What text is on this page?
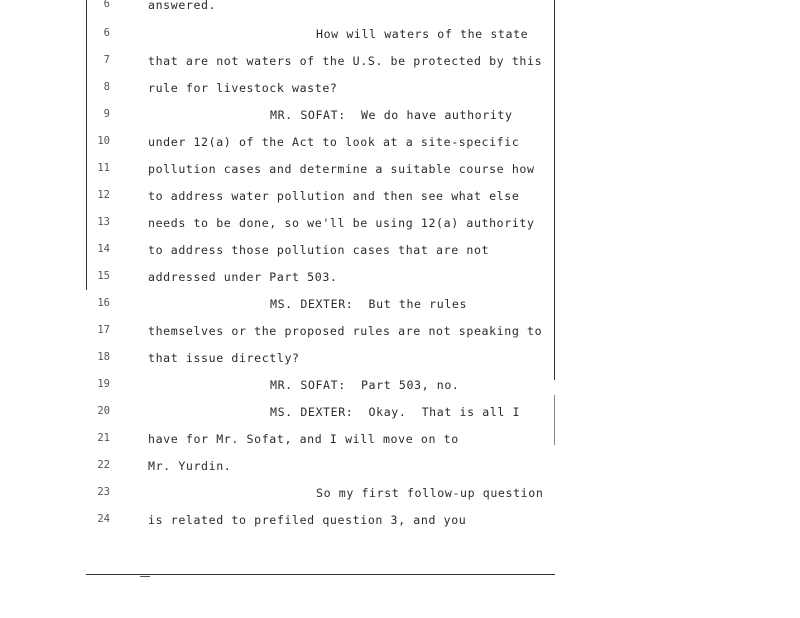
6	answered.
6	How will waters of the state
7	that are not waters of the U.S. be protected by this
8	rule for livestock waste?
9	MR. SOFAT:  We do have authority
10	under 12(a) of the Act to look at a site-specific
11	pollution cases and determine a suitable course how
12	to address water pollution and then see what else
13	needs to be done, so we'll be using 12(a) authority
14	to address those pollution cases that are not
15	addressed under Part 503.
16	MS. DEXTER:  But the rules
17	themselves or the proposed rules are not speaking to
18	that issue directly?
19	MR. SOFAT:  Part 503, no.
20	MS. DEXTER:  Okay.  That is all I
21	have for Mr. Sofat, and I will move on to
22	Mr. Yurdin.
23	So my first follow-up question
24	is related to prefiled question 3, and you
